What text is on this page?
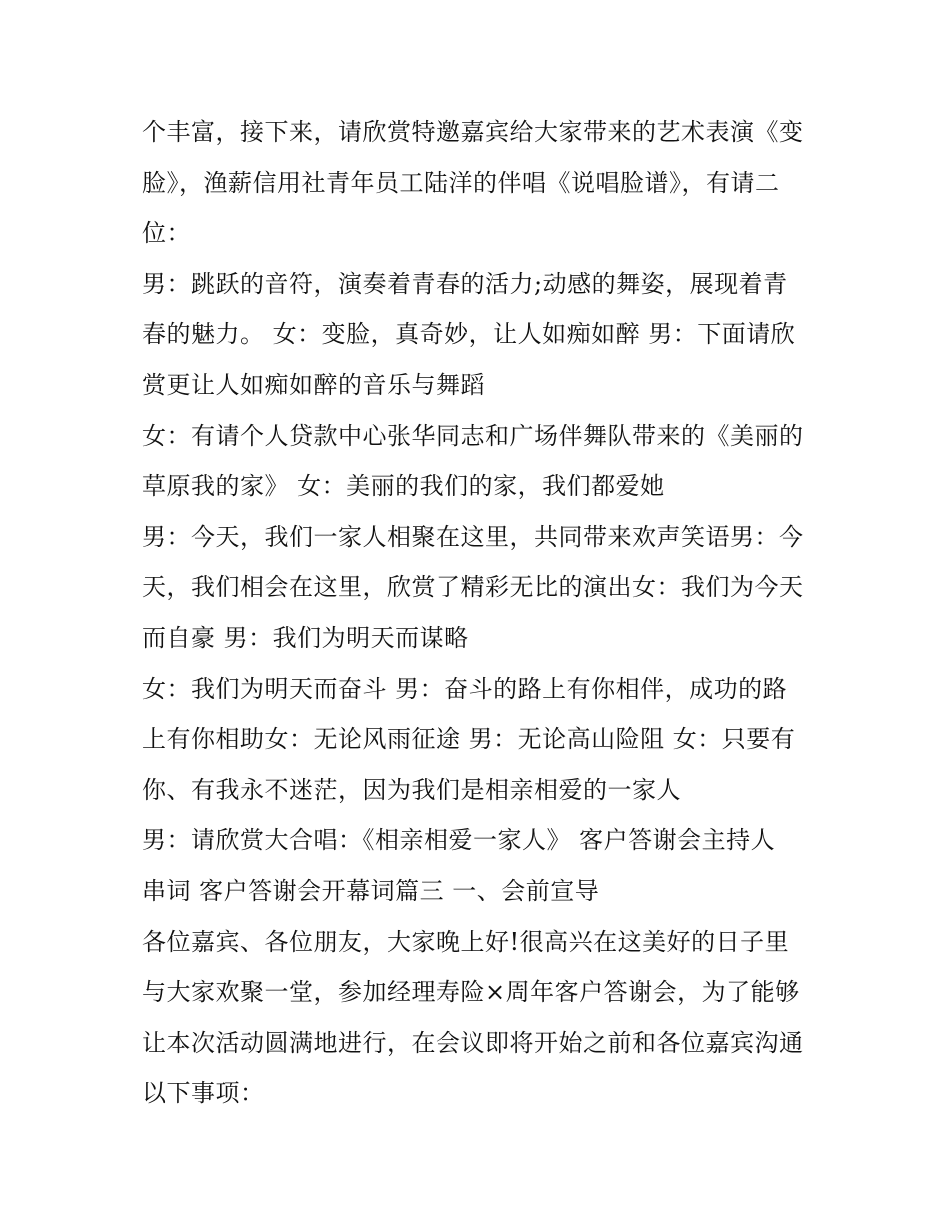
个丰富，接下来，请欣赏特邀嘉宾给大家带来的艺术表演《变
脸》，渔薪信用社青年员工陆洋的伴唱《说唱脸谱》，有请二
位：
男：跳跃的音符，演奏着青春的活力;动感的舞姿，展现着青
春的魅力。 女：变脸，真奇妙，让人如痴如醉 男：下面请欣
赏更让人如痴如醉的音乐与舞蹈
女：有请个人贷款中心张华同志和广场伴舞队带来的《美丽的
草原我的家》 女：美丽的我们的家，我们都爱她
男：今天，我们一家人相聚在这里，共同带来欢声笑语男：今
天，我们相会在这里，欣赏了精彩无比的演出女：我们为今天
而自豪 男：我们为明天而谋略
女：我们为明天而奋斗 男：奋斗的路上有你相伴，成功的路
上有你相助女：无论风雨征途 男：无论高山险阻 女：只要有
你、有我永不迷茫，因为我们是相亲相爱的一家人
男：请欣赏大合唱：《相亲相爱一家人》 客户答谢会主持人
串词 客户答谢会开幕词篇三 一、会前宣导
各位嘉宾、各位朋友，大家晚上好!很高兴在这美好的日子里
与大家欢聚一堂，参加经理寿险×周年客户答谢会，为了能够
让本次活动圆满地进行，在会议即将开始之前和各位嘉宾沟通
以下事项：
